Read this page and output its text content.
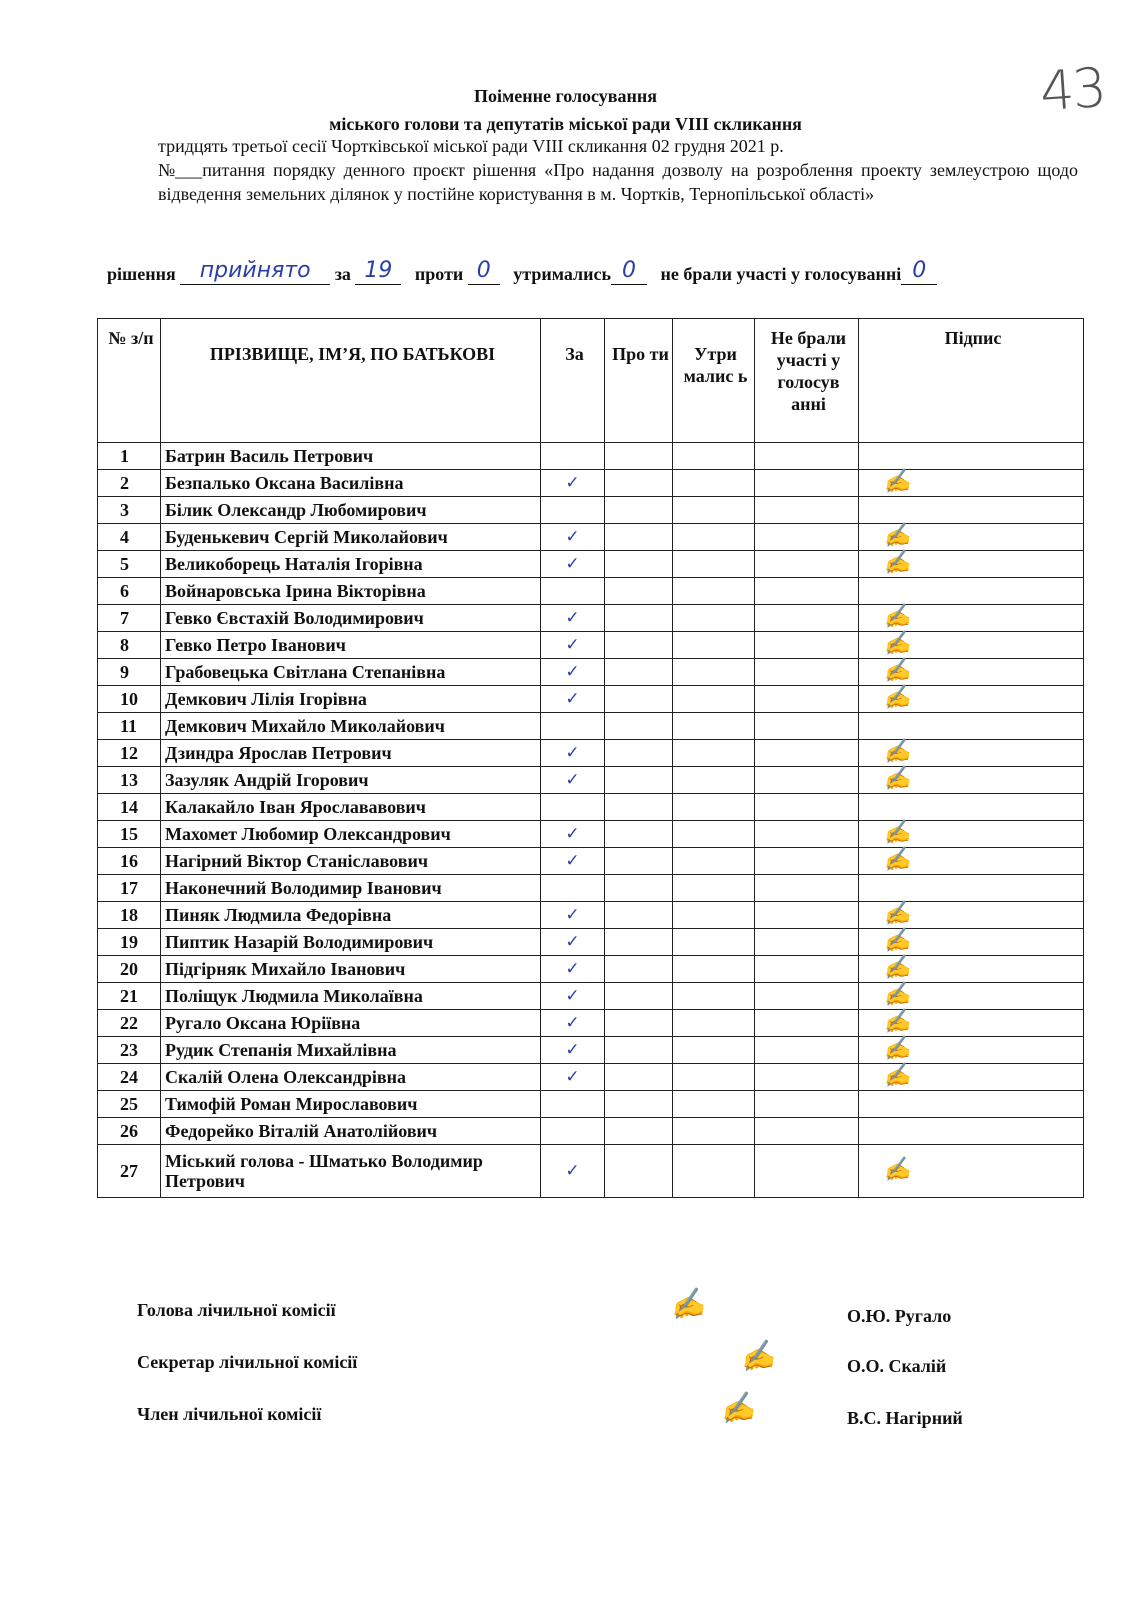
43
Поіменне голосування
міського голови та депутатів міської ради VIII скликання
тридцять третьої сесії Чортківської міської ради VIII скликання 02 грудня 2021 р.
№___питання порядку денного проєкт рішення «Про надання дозволу на розроблення проекту землеустрою щодо відведення земельних ділянок у постійне користування в м. Чортків, Тернопільської області»
рішення прийнято за 19 проти 0 утримались 0 не брали участі у голосуванні 0
№ з/п	ПРІЗВИЩЕ, ІМ’Я, ПО БАТЬКОВІ	За	Про ти	Утри малис ь	Не брали участі у голосув анні	Підпис
1	Батрин Василь Петрович					
2	Безпалько Оксана Василівна	✓				✍
3	Білик Олександр Любомирович					
4	Буденькевич Сергій Миколайович	✓				✍
5	Великоборець Наталія Ігорівна	✓				✍
6	Войнаровська Ірина Вікторівна					
7	Гевко Євстахій Володимирович	✓				✍
8	Гевко Петро Іванович	✓				✍
9	Грабовецька Світлана Степанівна	✓				✍
10	Демкович Лілія Ігорівна	✓				✍
11	Демкович Михайло Миколайович					
12	Дзиндра Ярослав Петрович	✓				✍
13	Зазуляк Андрій Ігорович	✓				✍
14	Калакайло Іван Ярослававович					
15	Махомет Любомир Олександрович	✓				✍
16	Нагірний Віктор Станіславович	✓				✍
17	Наконечний Володимир Іванович					
18	Пиняк Людмила Федорівна	✓				✍
19	Пиптик Назарій Володимирович	✓				✍
20	Підгірняк Михайло Іванович	✓				✍
21	Поліщук Людмила Миколаївна	✓				✍
22	Ругало Оксана Юріївна	✓				✍
23	Рудик Степанія Михайлівна	✓				✍
24	Скалій Олена Олександрівна	✓				✍
25	Тимофій Роман Мирославович					
26	Федорейко Віталій Анатолійович					
27	Міський голова - Шматько Володимир Петрович	✓				✍
Голова лічильної комісії	✍	О.Ю. Ругало
Секретар лічильної комісії	✍	О.О. Скалій
Член лічильної комісії	✍	В.С. Нагірний
